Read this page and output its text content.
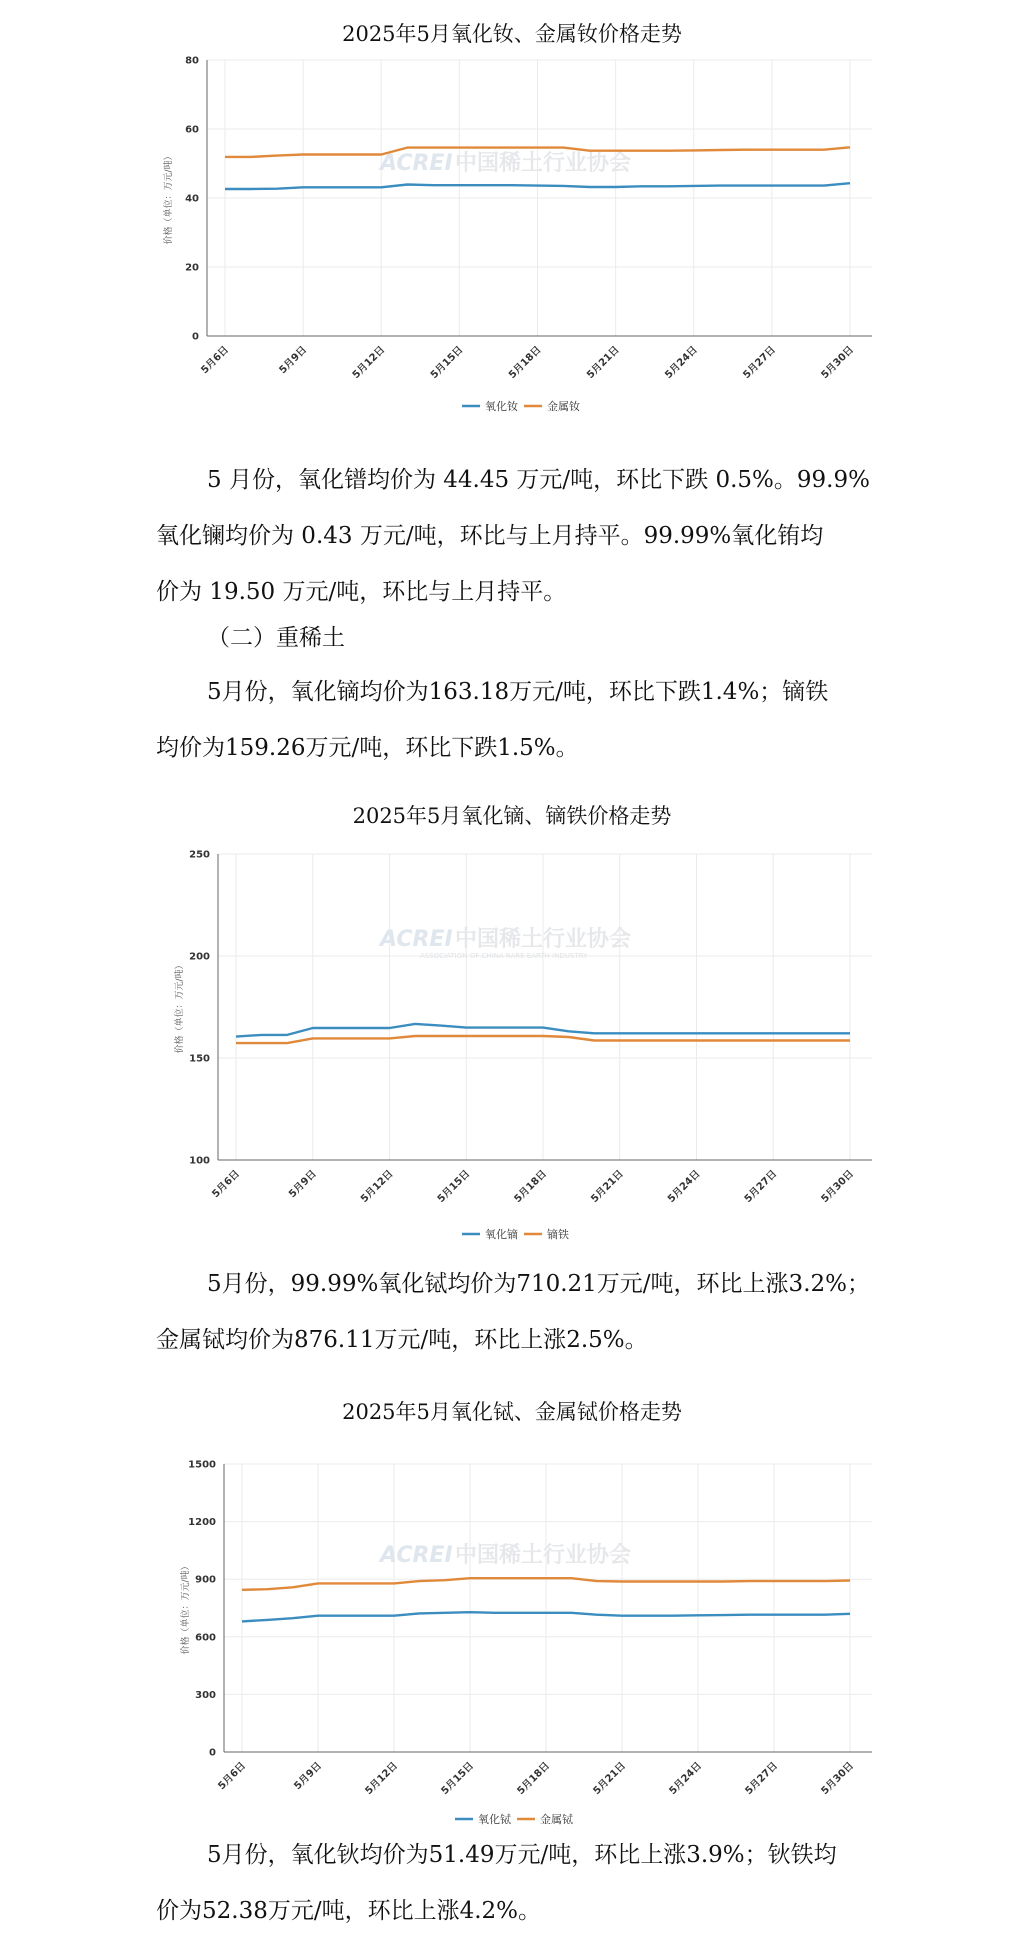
2025年5月氧化钕、金属钕价格走势
ACREI 中国稀土行业协会
0
20
40
60
80
5月6日	5月9日	5月12日	5月15日	5月18日	5月21日	5月24日	5月27日	5月30日
价格（单位：万元/吨）
氧化钕	金属钕

5 月份，氧化镨均价为 44.45 万元/吨，环比下跌 0.5%。99.9%
氧化镧均价为 0.43 万元/吨，环比与上月持平。99.99%氧化铕均
价为 19.50 万元/吨，环比与上月持平。

（二）重稀土

5月份，氧化镝均价为163.18万元/吨，环比下跌1.4%；镝铁
均价为159.26万元/吨，环比下跌1.5%。

2025年5月氧化镝、镝铁价格走势
ACREI 中国稀土行业协会
ASSOCIATION OF CHINA RARE EARTH INDUSTRY
100
150
200
250
5月6日	5月9日	5月12日	5月15日	5月18日	5月21日	5月24日	5月27日	5月30日
价格（单位：万元/吨）
氧化镝	镝铁

5月份，99.99%氧化铽均价为710.21万元/吨，环比上涨3.2%；
金属铽均价为876.11万元/吨，环比上涨2.5%。

2025年5月氧化铽、金属铽价格走势
ACREI 中国稀土行业协会
0
300
600
900
1200
1500
5月6日	5月9日	5月12日	5月15日	5月18日	5月21日	5月24日	5月27日	5月30日
价格（单位：万元/吨）
氧化铽	金属铽

5月份，氧化钬均价为51.49万元/吨，环比上涨3.9%；钬铁均
价为52.38万元/吨，环比上涨4.2%。
